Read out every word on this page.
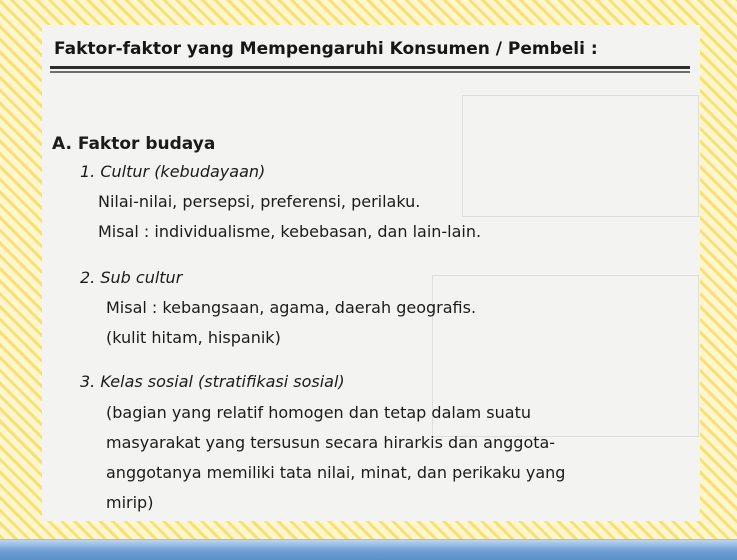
Faktor-faktor yang Mempengaruhi Konsumen / Pembeli :
A. Faktor budaya
1. Cultur (kebudayaan)
Nilai-nilai, persepsi, preferensi, perilaku.
Misal : individualisme, kebebasan, dan lain-lain.
2. Sub cultur
Misal : kebangsaan, agama, daerah geografis.
(kulit hitam, hispanik)
3. Kelas sosial (stratifikasi sosial)
(bagian yang relatif homogen dan tetap dalam suatu
masyarakat yang tersusun secara hirarkis dan anggota-
anggotanya memiliki tata nilai, minat, dan perikaku yang
mirip)
